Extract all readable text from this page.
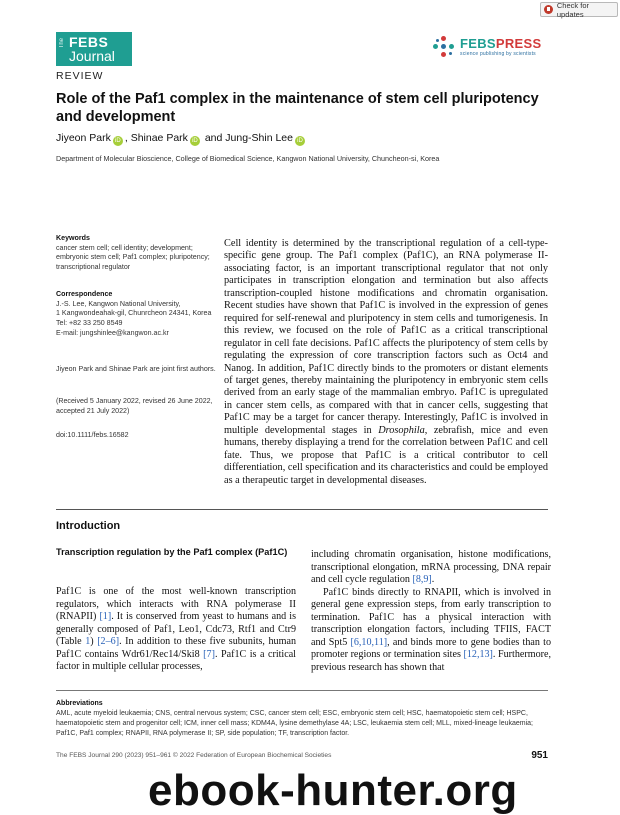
Check for updates
The FEBS
Journal
FEBSPRESS
science publishing by scientists
REVIEW
Role of the Paf1 complex in the maintenance of stem cell pluripotency and development
Jiyeon Park iD , Shinae Park iD and Jung-Shin Lee iD
Department of Molecular Bioscience, College of Biomedical Science, Kangwon National University, Chuncheon-si, Korea
Keywords
cancer stem cell; cell identity; development; embryonic stem cell; Paf1 complex; pluripotency; transcriptional regulator
Correspondence
J.-S. Lee, Kangwon National University,
1 Kangwondeahak-gil, Chunrcheon 24341, Korea
Tel: +82 33 250 8549
E-mail: jungshinlee@kangwon.ac.kr
Jiyeon Park and Shinae Park are joint first authors.
(Received 5 January 2022, revised 26 June 2022, accepted 21 July 2022)
doi:10.1111/febs.16582
Cell identity is determined by the transcriptional regulation of a cell-type-specific gene group. The Paf1 complex (Paf1C), an RNA polymerase II-associating factor, is an important transcriptional regulator that not only participates in transcription elongation and termination but also affects transcription-coupled histone modifications and chromatin organisation. Recent studies have shown that Paf1C is involved in the expression of genes required for self-renewal and pluripotency in stem cells and tumorigenesis. In this review, we focused on the role of Paf1C as a critical transcriptional regulator in cell fate decisions. Paf1C affects the pluripotency of stem cells by regulating the expression of core transcription factors such as Oct4 and Nanog. In addition, Paf1C directly binds to the promoters or distant elements of target genes, thereby maintaining the pluripotency in embryonic stem cells derived from an early stage of the mammalian embryo. Paf1C is upregulated in cancer stem cells, as compared with that in cancer cells, suggesting that Paf1C may be a target for cancer therapy. Interestingly, Paf1C is involved in multiple developmental stages in Drosophila, zebrafish, mice and even humans, thereby displaying a trend for the correlation between Paf1C and cell fate. Thus, we propose that Paf1C is a critical contributor to cell differentiation, cell specification and its characteristics and could be employed as a therapeutic target in developmental diseases.
Introduction
Transcription regulation by the Paf1 complex (Paf1C)
Paf1C is one of the most well-known transcription regulators, which interacts with RNA polymerase II (RNAPII) [1]. It is conserved from yeast to humans and is generally composed of Paf1, Leo1, Cdc73, Rtf1 and Ctr9 (Table 1) [2–6]. In addition to these five subunits, human Paf1C contains Wdr61/Rec14/Ski8 [7]. Paf1C is a critical factor in multiple cellular processes,
including chromatin organisation, histone modifications, transcriptional elongation, mRNA processing, DNA repair and cell cycle regulation [8,9].
Paf1C binds directly to RNAPII, which is involved in general gene expression steps, from early transcription to termination. Paf1C has a physical interaction with transcription elongation factors, including TFIIS, FACT and Spt5 [6,10,11], and binds more to gene bodies than to promoter regions or termination sites [12,13]. Furthermore, previous research has shown that
Abbreviations
AML, acute myeloid leukaemia; CNS, central nervous system; CSC, cancer stem cell; ESC, embryonic stem cell; HSC, haematopoietic stem cell; HSPC, haematopoietic stem and progenitor cell; ICM, inner cell mass; KDM4A, lysine demethylase 4A; LSC, leukaemia stem cell; MLL, mixed-lineage leukaemia; Paf1C, Paf1 complex; RNAPII, RNA polymerase II; SP, side population; TF, transcription factor.
The FEBS Journal 290 (2023) 951–961 © 2022 Federation of European Biochemical Societies	951
ebook-hunter.org
